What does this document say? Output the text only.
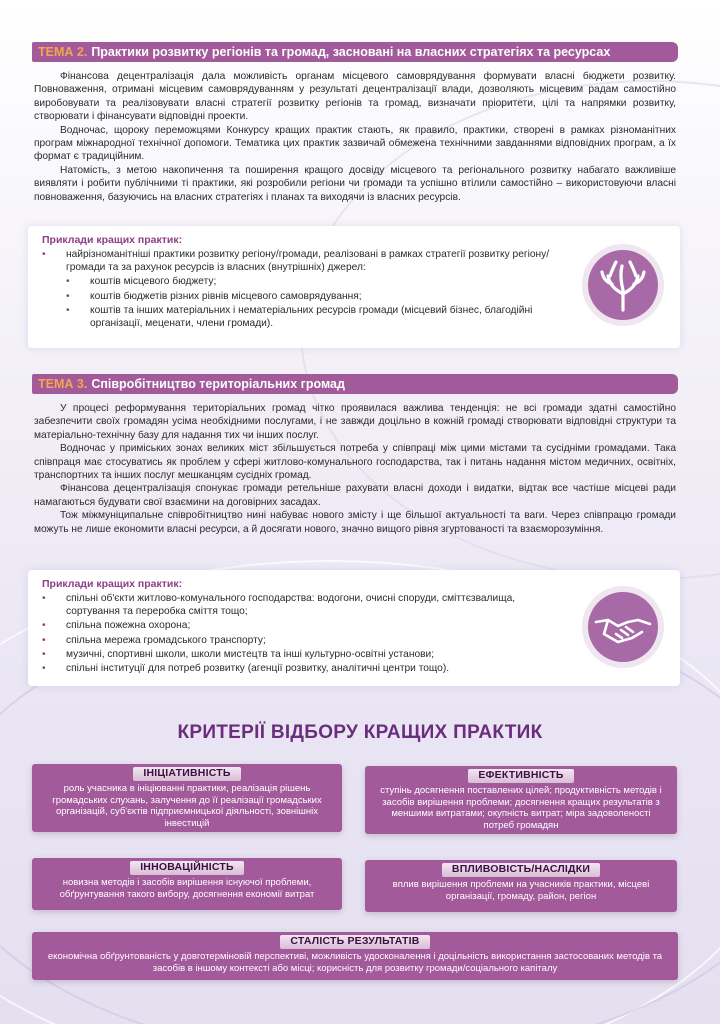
ТЕМА 2. Практики розвитку регіонів та громад, засновані на власних стратегіях та ресурсах

Фінансова децентралізація дала можливість органам місцевого самоврядування формувати власні бюджети розвитку. Повноваження, отримані місцевим самоврядуванням у результаті децентралізації влади, дозволяють місцевим радам самостійно виробовувати та реалізовувати власні стратегії розвитку регіонів та громад, визначати пріоритети, цілі та напрямки розвитку, створювати і фінансувати відповідні проекти.

Водночас, щороку переможцями Конкурсу кращих практик стають, як правило, практики, створені в рамках різноманітних програм міжнародної технічної допомоги. Тематика цих практик зазвичай обмежена технічними завданнями відповідних програм, а їх формат є традиційним.

Натомість, з метою накопичення та поширення кращого досвіду місцевого та регіонального розвитку набагато важливіше виявляти і робити публічними ті практики, які розробили регіони чи громади та успішно втілили самостійно – використовуючи власні повноваження, базуючись на власних стратегіях і планах та виходячи із власних ресурсів.

Приклади кращих практик:
• найрізноманітніші практики розвитку регіону/громади, реалізовані в рамках стратегії розвитку регіону/громади та за рахунок ресурсів із власних (внутрішніх) джерел:
• коштів місцевого бюджету;
• коштів бюджетів різних рівнів місцевого самоврядування;
• коштів та інших матеріальних і нематеріальних ресурсів громади (місцевий бізнес, благодійні організації, меценати, члени громади).
ТЕМА 3. Співробітництво територіальних громад

У процесі реформування територіальних громад чітко проявилася важлива тенденція: не всі громади здатні самостійно забезпечити своїх громадян усіма необхідними послугами, і не завжди доцільно в кожній громаді створювати відповідні структури та матеріально-технічну базу для надання тих чи інших послуг.

Водночас у приміських зонах великих міст збільшується потреба у співпраці між цими містами та сусідніми громадами. Така співпраця має стосуватись як проблем у сфері житлово-комунального господарства, так і питань надання містом медичних, освітніх, транспортних та інших послуг мешканцям сусідніх громад.

Фінансова децентралізація спонукає громади ретельніше рахувати власні доходи і видатки, відтак все частіше місцеві ради намагаються будувати свої взаємини на договірних засадах.

Тож міжмуніципальне співробітництво нині набуває нового змісту і ще більшої актуальності та ваги. Через співпрацю громади можуть не лише економити власні ресурси, а й досягати нового, значно вищого рівня згуртованості та взаєморозуміння.

Приклади кращих практик:
• спільні об'єкти житлово-комунального господарства: водогони, очисні споруди, сміттєзвалища, сортування та переробка сміття тощо;
• спільна пожежна охорона;
• спільна мережа громадського транспорту;
• музичні, спортивні школи, школи мистецтв та інші культурно-освітні установи;
• спільні інституції для потреб розвитку (агенції розвитку, аналітичні центри тощо).
КРИТЕРІЇ ВІДБОРУ КРАЩИХ ПРАКТИК
ІНІЦІАТИВНІСТЬ
роль учасника в ініціюванні практики, реалізація рішень громадських слухань, залучення до її реалізації громадських організацій, суб'єктів підприємницької діяльності, зовнішніх інвестицій
ЕФЕКТИВНІСТЬ
ступінь досягнення поставлених цілей; продуктивність методів і засобів вирішення проблеми; досягнення кращих результатів з меншими витратами; окупність витрат; міра задоволеності потреб громадян
ІННОВАЦІЙНІСТЬ
новизна методів і засобів вирішення існуючої проблеми, обґрунтування такого вибору, досягнення економії витрат
ВПЛИВОВІСТЬ/НАСЛІДКИ
вплив вирішення проблеми на учасників практики, місцеві організації, громаду, район, регіон
СТАЛІСТЬ РЕЗУЛЬТАТІВ
економічна обґрунтованість у довготерміновій перспективі, можливість удосконалення і доцільність використання застосованих методів та засобів в іншому контексті або місці; корисність для розвитку громади/соціального капіталу
